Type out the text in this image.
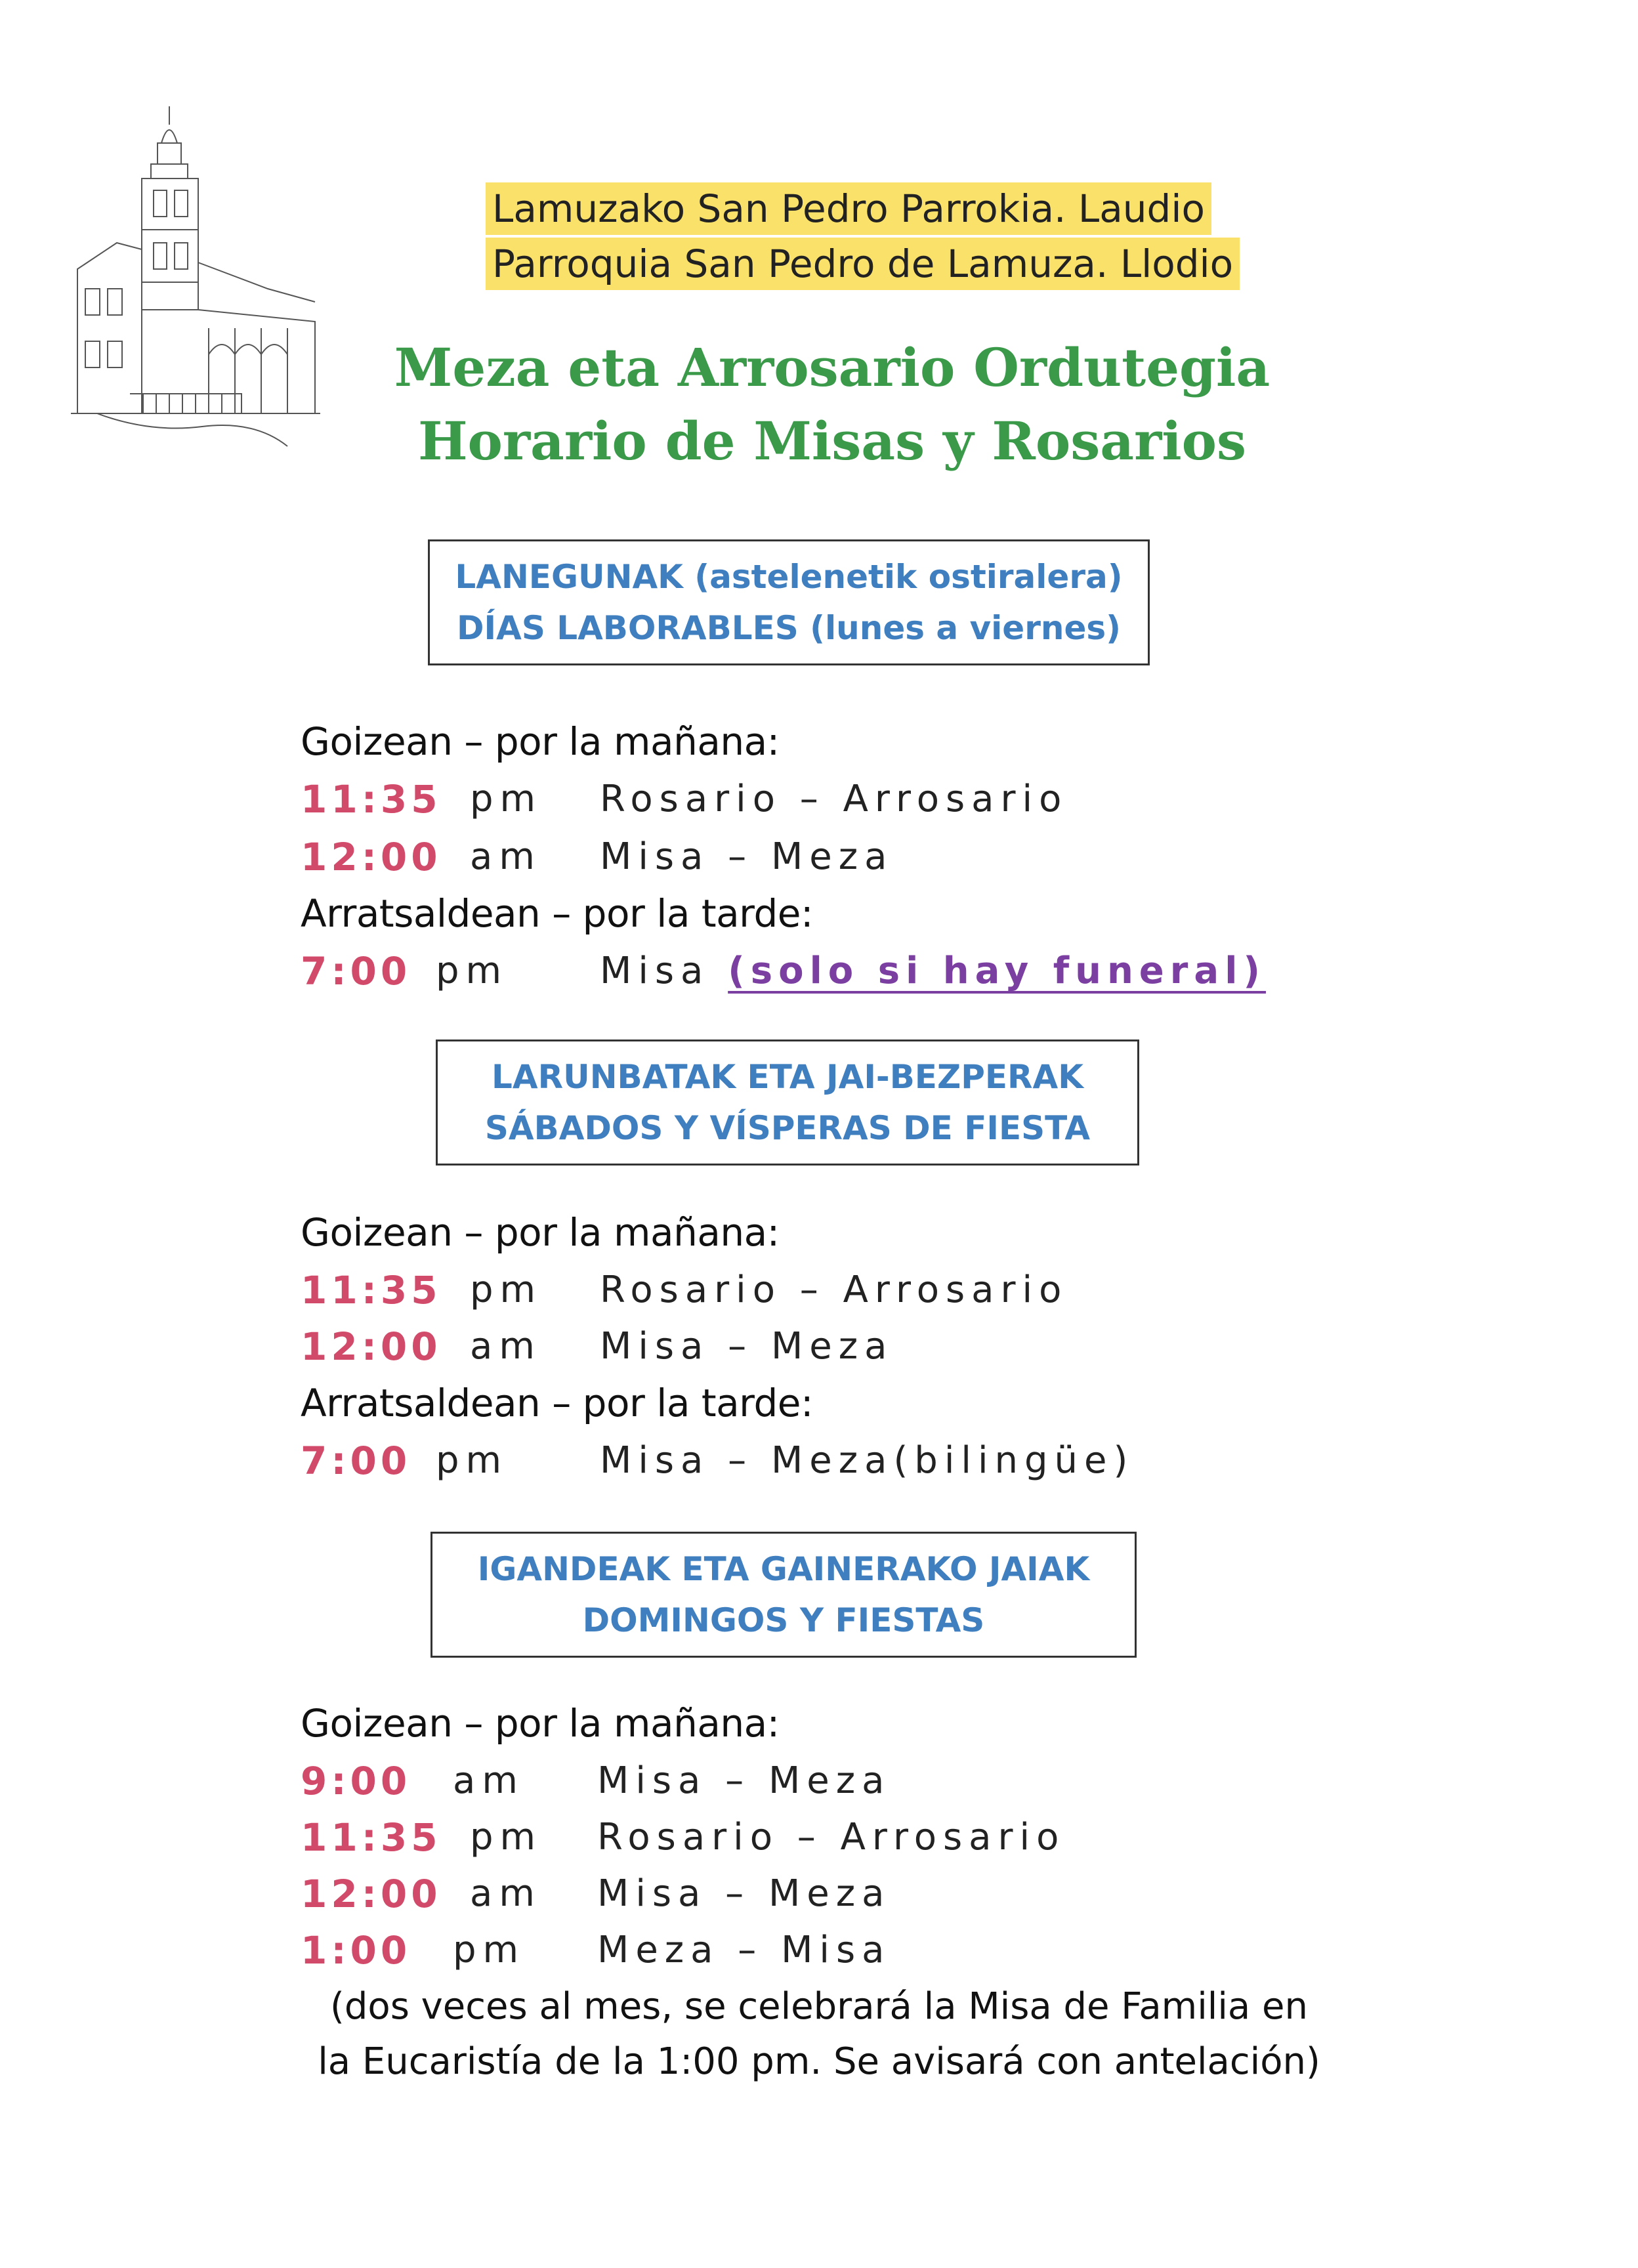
Lamuzako San Pedro Parrokia. Laudio
Parroquia San Pedro de Lamuza. Llodio
Meza eta Arrosario Ordutegia
Horario de Misas y Rosarios
LANEGUNAK (astelenetik ostiralera)
DÍAS LABORABLES (lunes a viernes)
Goizean – por la mañana:
11:35 pm Rosario – Arrosario
12:00 am Misa – Meza
Arratsaldean – por la tarde:
7:00 pm Misa (solo si hay funeral)
LARUNBATAK ETA JAI-BEZPERAK
SÁBADOS Y VÍSPERAS DE FIESTA
Goizean – por la mañana:
11:35 pm Rosario – Arrosario
12:00 am Misa – Meza
Arratsaldean – por la tarde:
7:00 pm Misa – Meza(bilingüe)
IGANDEAK ETA GAINERAKO JAIAK
DOMINGOS Y FIESTAS
Goizean – por la mañana:
9:00 am Misa – Meza
11:35 pm Rosario – Arrosario
12:00 am Misa – Meza
1:00 pm Meza – Misa
(dos veces al mes, se celebrará la Misa de Familia en
la Eucaristía de la 1:00 pm. Se avisará con antelación)
